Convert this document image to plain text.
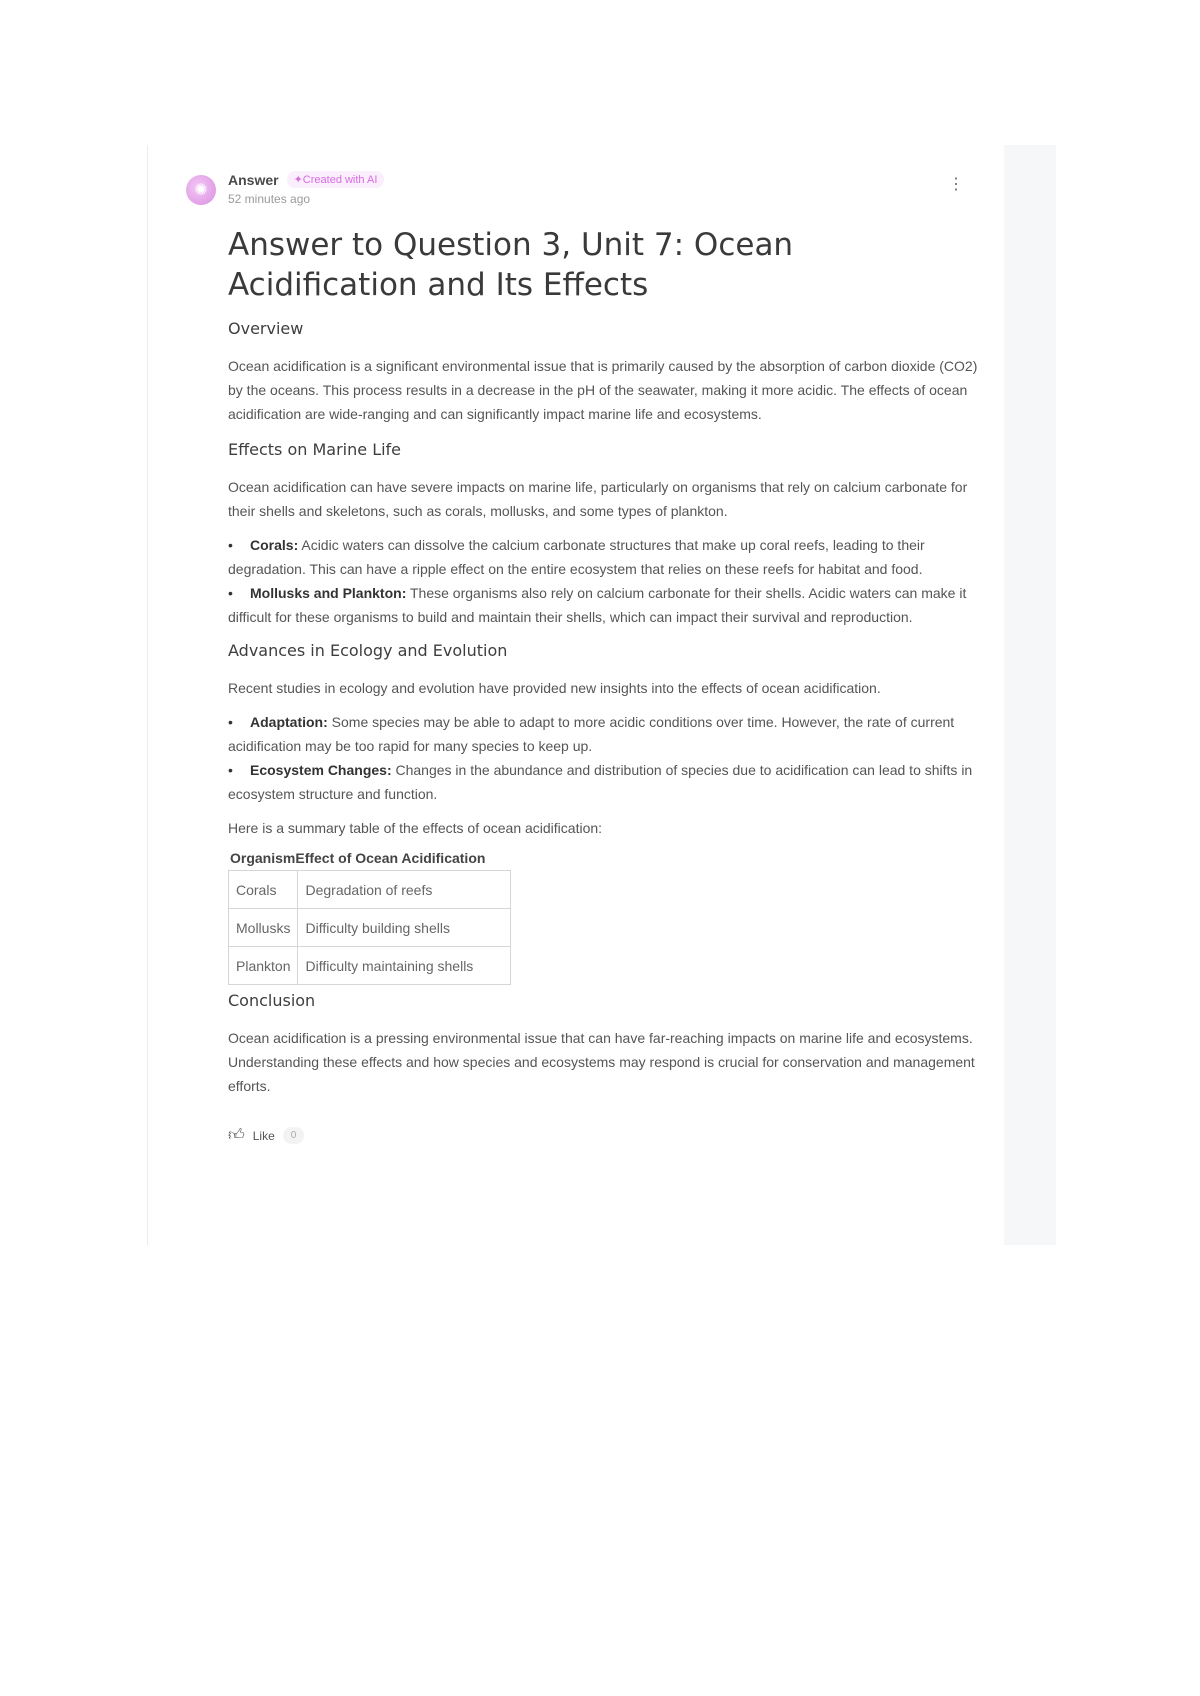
✺
Answer	✦Created with AI
52 minutes ago
⋮
Answer to Question 3, Unit 7: Ocean Acidification and Its Effects
Overview

Ocean acidification is a significant environmental issue that is primarily caused by the absorption of carbon dioxide (CO2) by the oceans. This process results in a decrease in the pH of the seawater, making it more acidic. The effects of ocean acidification are wide-ranging and can significantly impact marine life and ecosystems.

Effects on Marine Life

Ocean acidification can have severe impacts on marine life, particularly on organisms that rely on calcium carbonate for their shells and skeletons, such as corals, mollusks, and some types of plankton.

• Corals: Acidic waters can dissolve the calcium carbonate structures that make up coral reefs, leading to their degradation. This can have a ripple effect on the entire ecosystem that relies on these reefs for habitat and food.
• Mollusks and Plankton: These organisms also rely on calcium carbonate for their shells. Acidic waters can make it difficult for these organisms to build and maintain their shells, which can impact their survival and reproduction.
Advances in Ecology and Evolution

Recent studies in ecology and evolution have provided new insights into the effects of ocean acidification.

• Adaptation: Some species may be able to adapt to more acidic conditions over time. However, the rate of current acidification may be too rapid for many species to keep up.
• Ecosystem Changes: Changes in the abundance and distribution of species due to acidification can lead to shifts in ecosystem structure and function.

Here is a summary table of the effects of ocean acidification:

Organism Effect of Ocean Acidification
Corals	Degradation of reefs
Mollusks	Difficulty building shells
Plankton	Difficulty maintaining shells
Conclusion

Ocean acidification is a pressing environmental issue that can have far-reaching impacts on marine life and ecosystems. Understanding these effects and how species and ecosystems may respond is crucial for conservation and management efforts.

👍︎ Like	0
